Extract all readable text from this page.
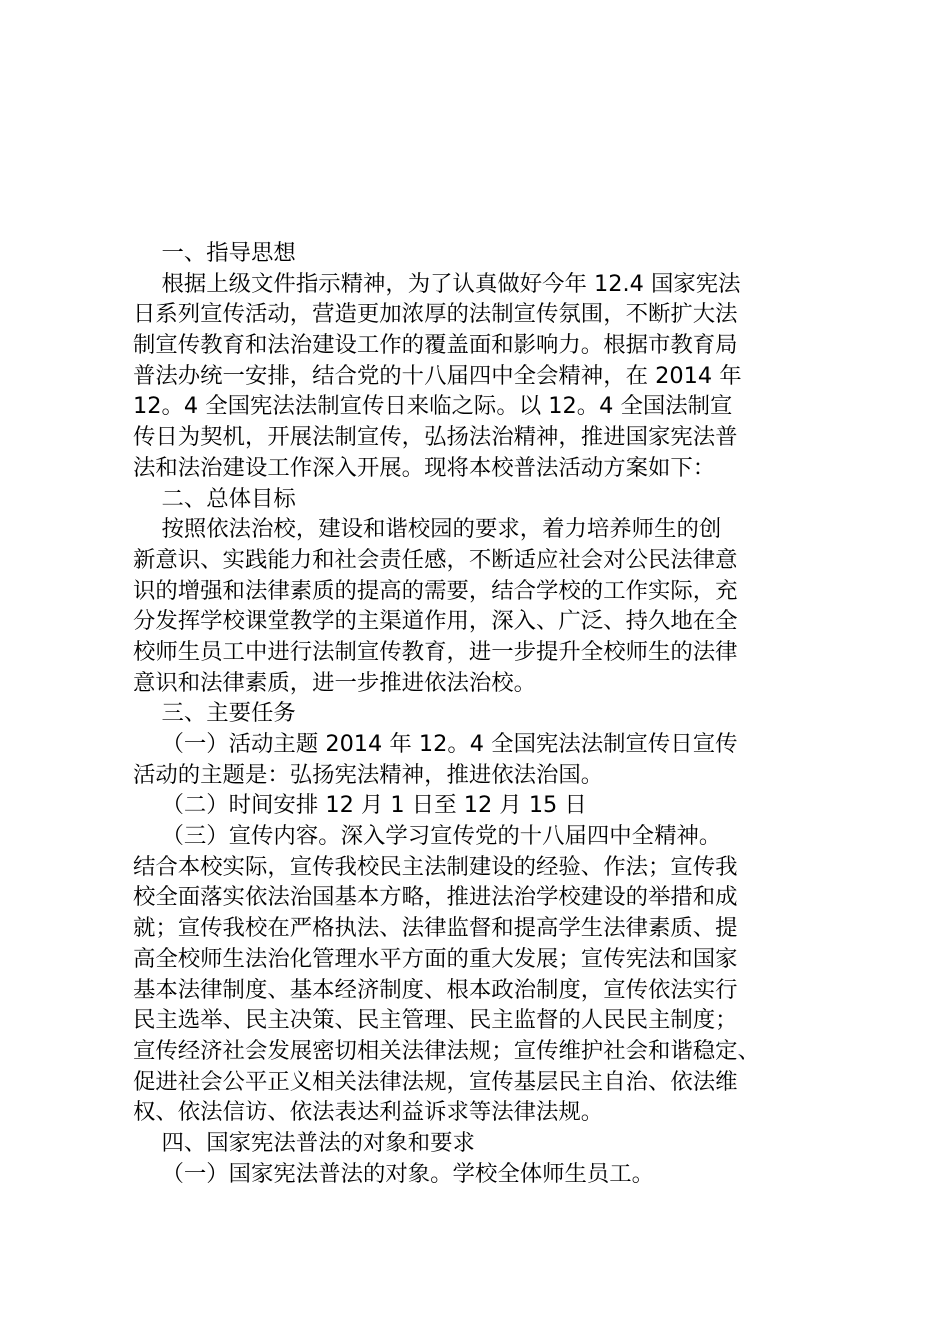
一、指导思想
根据上级文件指示精神，为了认真做好今年 12.4 国家宪法
日系列宣传活动，营造更加浓厚的法制宣传氛围，不断扩大法
制宣传教育和法治建设工作的覆盖面和影响力。根据市教育局
普法办统一安排，结合党的十八届四中全会精神，在 2014 年
12。4 全国宪法法制宣传日来临之际。以 12。4 全国法制宣
传日为契机，开展法制宣传，弘扬法治精神，推进国家宪法普
法和法治建设工作深入开展。现将本校普法活动方案如下：
二、总体目标
按照依法治校，建设和谐校园的要求，着力培养师生的创
新意识、实践能力和社会责任感，不断适应社会对公民法律意
识的增强和法律素质的提高的需要，结合学校的工作实际，充
分发挥学校课堂教学的主渠道作用，深入、广泛、持久地在全
校师生员工中进行法制宣传教育，进一步提升全校师生的法律
意识和法律素质，进一步推进依法治校。
三、主要任务
（一）活动主题 2014 年 12。4 全国宪法法制宣传日宣传
活动的主题是：弘扬宪法精神，推进依法治国。
（二）时间安排 12 月 1 日至 12 月 15 日
（三）宣传内容。深入学习宣传党的十八届四中全精神。
结合本校实际，宣传我校民主法制建设的经验、作法；宣传我
校全面落实依法治国基本方略，推进法治学校建设的举措和成
就；宣传我校在严格执法、法律监督和提高学生法律素质、提
高全校师生法治化管理水平方面的重大发展；宣传宪法和国家
基本法律制度、基本经济制度、根本政治制度，宣传依法实行
民主选举、民主决策、民主管理、民主监督的人民民主制度；
宣传经济社会发展密切相关法律法规；宣传维护社会和谐稳定、
促进社会公平正义相关法律法规，宣传基层民主自治、依法维
权、依法信访、依法表达利益诉求等法律法规。
四、国家宪法普法的对象和要求
（一）国家宪法普法的对象。学校全体师生员工。
